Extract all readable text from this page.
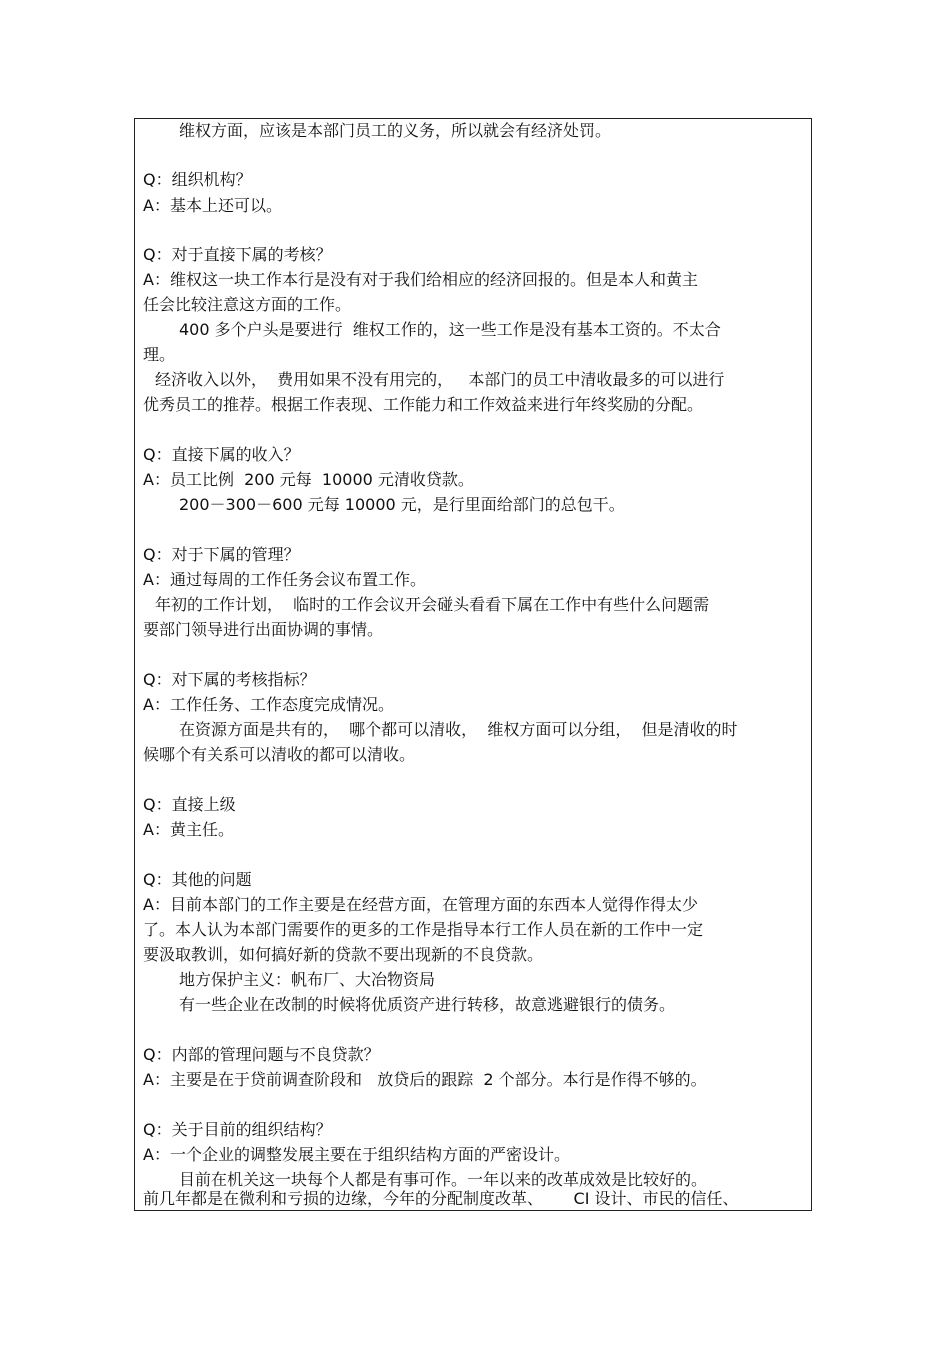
维权方面，应该是本部门员工的义务，所以就会有经济处罚。
Q：组织机构？
A：基本上还可以。
Q：对于直接下属的考核？
A：维权这一块工作本行是没有对于我们给相应的经济回报的。但是本人和黄主
任会比较注意这方面的工作。
400 多个户头是要进行  维权工作的，这一些工作是没有基本工资的。不太合
理。
经济收入以外，  费用如果不没有用完的，   本部门的员工中清收最多的可以进行
优秀员工的推荐。根据工作表现、工作能力和工作效益来进行年终奖励的分配。
Q：直接下属的收入？
A：员工比例  200 元每  10000 元清收贷款。
200－300－600 元每 10000 元，是行里面给部门的总包干。
Q：对于下属的管理？
A：通过每周的工作任务会议布置工作。
年初的工作计划，  临时的工作会议开会碰头看看下属在工作中有些什么问题需
要部门领导进行出面协调的事情。
Q：对下属的考核指标？
A：工作任务、工作态度完成情况。
在资源方面是共有的，  哪个都可以清收，  维权方面可以分组，  但是清收的时
候哪个有关系可以清收的都可以清收。
Q：直接上级
A：黄主任。
Q：其他的问题
A：目前本部门的工作主要是在经营方面，在管理方面的东西本人觉得作得太少
了。本人认为本部门需要作的更多的工作是指导本行工作人员在新的工作中一定
要汲取教训，如何搞好新的贷款不要出现新的不良贷款。
地方保护主义：帆布厂、大冶物资局
有一些企业在改制的时候将优质资产进行转移，故意逃避银行的债务。
Q：内部的管理问题与不良贷款？
A：主要是在于贷前调查阶段和   放贷后的跟踪  2 个部分。本行是作得不够的。
Q：关于目前的组织结构？
A：一个企业的调整发展主要在于组织结构方面的严密设计。
目前在机关这一块每个人都是有事可作。一年以来的改革成效是比较好的。
前几年都是在微利和亏损的边缘，今年的分配制度改革、      CI 设计、市民的信任、
